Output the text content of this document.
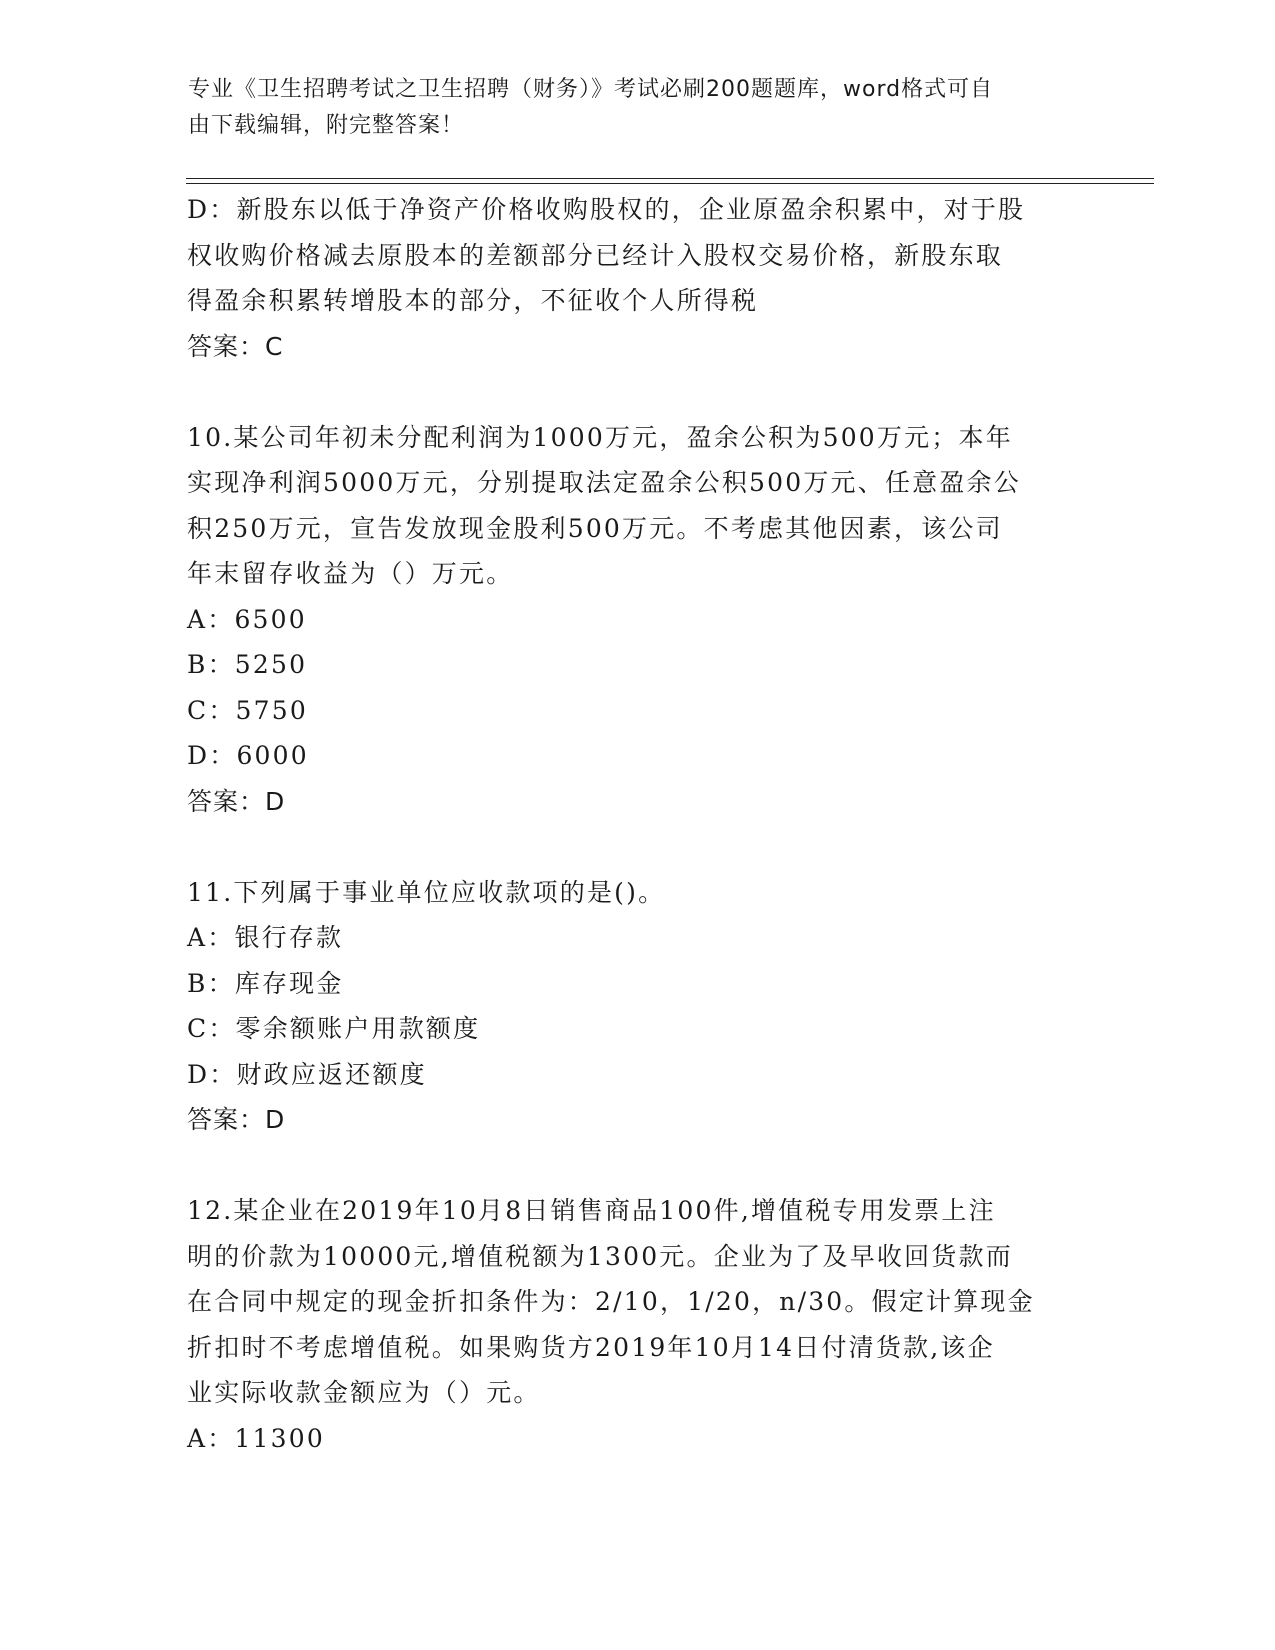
专业《卫生招聘考试之卫生招聘（财务）》考试必刷200题题库，word格式可自
由下载编辑，附完整答案！

D：新股东以低于净资产价格收购股权的，企业原盈余积累中，对于股

权收购价格减去原股本的差额部分已经计入股权交易价格，新股东取

得盈余积累转增股本的部分，不征收个人所得税

答案：C

10.某公司年初未分配利润为1000万元，盈余公积为500万元；本年

实现净利润5000万元，分别提取法定盈余公积500万元、任意盈余公

积250万元，宣告发放现金股利500万元。不考虑其他因素，该公司

年末留存收益为（）万元。

A：6500

B：5250

C：5750

D：6000

答案：D

11.下列属于事业单位应收款项的是()。

A：银行存款

B：库存现金

C：零余额账户用款额度

D：财政应返还额度

答案：D

12.某企业在2019年10月8日销售商品100件,增值税专用发票上注

明的价款为10000元,增值税额为1300元。企业为了及早收回货款而

在合同中规定的现金折扣条件为：2/10，1/20，n/30。假定计算现金

折扣时不考虑增值税。如果购货方2019年10月14日付清货款,该企

业实际收款金额应为（）元。

A：11300
